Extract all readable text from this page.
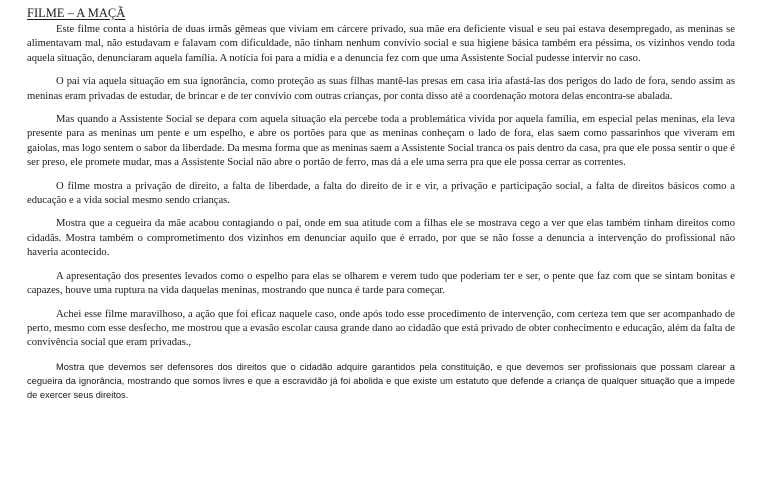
FILME – A MAÇÃ

Este filme conta a história de duas irmãs gêmeas que viviam em cárcere privado, sua mãe era deficiente visual e seu pai estava desempregado, as meninas se alimentavam mal, não estudavam e falavam com dificuldade, não tinham nenhum convívio social e sua higiene básica também era péssima, os vizinhos vendo toda aquela situação, denunciaram aquela família. A notícia foi para a mídia e a denuncia fez com que uma Assistente Social pudesse intervir no caso.

O pai via aquela situação em sua ignorância, como proteção as suas filhas mantê-las presas em casa iria afastá-las dos perigos do lado de fora, sendo assim as meninas eram privadas de estudar, de brincar e de ter convívio com outras crianças, por conta disso até a coordenação motora delas encontra-se abalada.

Mas quando a Assistente Social se depara com aquela situação ela percebe toda a problemática vivida por aquela família, em especial pelas meninas, ela leva presente para as meninas um pente e um espelho, e abre os portões para que as meninas conheçam o lado de fora, elas saem como passarinhos que viveram em gaiolas, mas logo sentem o sabor da liberdade. Da mesma forma que as meninas saem a Assistente Social tranca os pais dentro da casa, pra que ele possa sentir o que é ser preso, ele promete mudar, mas a Assistente Social não abre o portão de ferro, mas dá a ele uma serra pra que ele possa cerrar as correntes.

O filme mostra a privação de direito, a falta de liberdade, a falta do direito de ir e vir, a privação e participação social, a falta de direitos básicos como a educação e a vida social mesmo sendo crianças.

Mostra que a cegueira da mãe acabou contagiando o pai, onde em sua atitude com a filhas ele se mostrava cego a ver que elas também tinham direitos como cidadãs. Mostra também o comprometimento dos vizinhos em denunciar aquilo que é errado, por que se não fosse a denuncia a intervenção do profissional não haveria acontecido.

A apresentação dos presentes levados como o espelho para elas se olharem e verem tudo que poderiam ter e ser, o pente que faz com que se sintam bonitas e capazes, houve uma ruptura na vida daquelas meninas, mostrando que nunca é tarde para começar.

Achei esse filme maravilhoso, a ação que foi eficaz naquele caso, onde após todo esse procedimento de intervenção, com certeza tem que ser acompanhado de perto, mesmo com esse desfecho, me mostrou que a evasão escolar causa grande dano ao cidadão que está privado de obter conhecimento e educação, além da falta de convivência social que eram privadas.,

Mostra que devemos ser defensores dos direitos que o cidadão adquire garantidos pela constituição, e que devemos ser profissionais que possam clarear a cegueira da ignorância, mostrando que somos livres e que a escravidão já foi abolida e que existe um estatuto que defende a criança de qualquer situação que a impede de exercer seus direitos.
